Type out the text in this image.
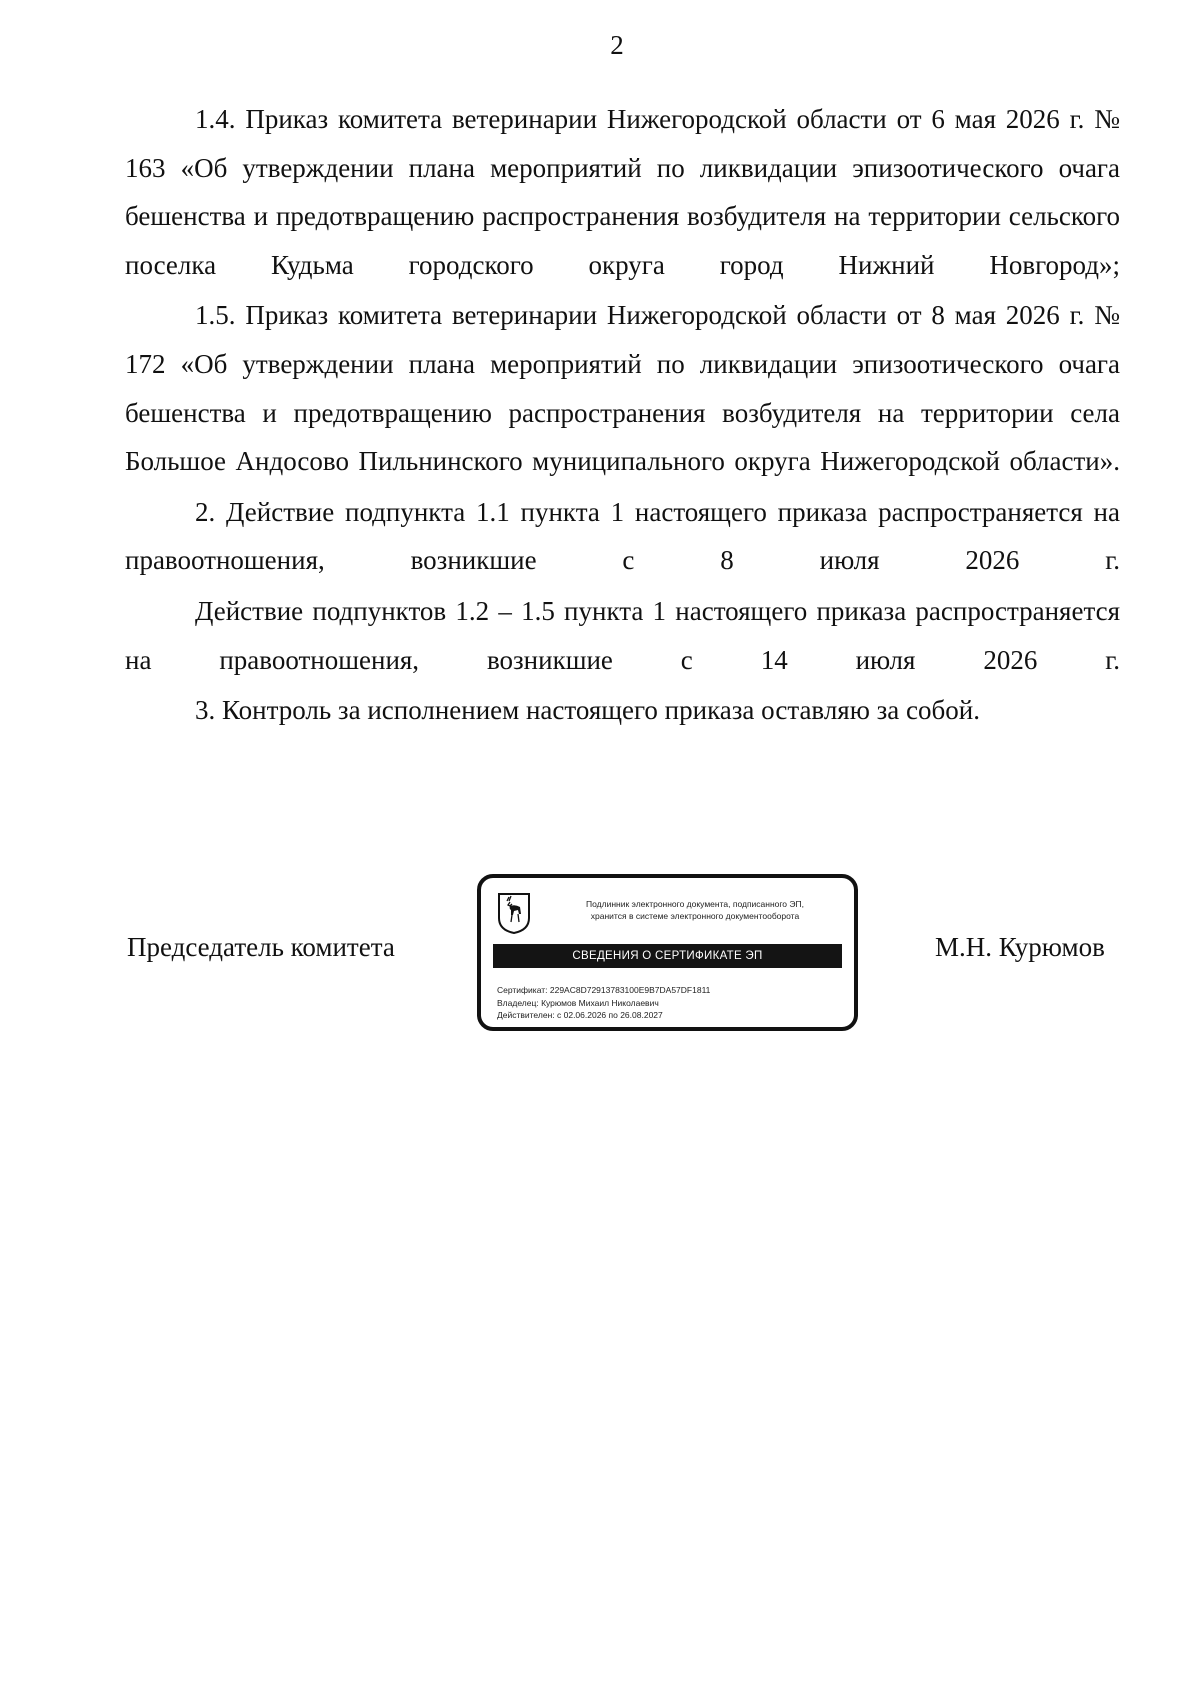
2

1.4. Приказ комитета ветеринарии Нижегородской области от 6 мая 2026 г. № 163 «Об утверждении плана мероприятий по ликвидации эпизоотического очага бешенства и предотвращению распространения возбудителя на территории сельского поселка Кудьма городского округа город Нижний Новгород»;

1.5. Приказ комитета ветеринарии Нижегородской области от 8 мая 2026 г. № 172 «Об утверждении плана мероприятий по ликвидации эпизоотического очага бешенства и предотвращению распространения возбудителя на территории села Большое Андосово Пильнинского муниципального округа Нижегородской области».

2. Действие подпункта 1.1 пункта 1 настоящего приказа распространяется на правоотношения, возникшие с 8 июля 2026 г.

Действие подпунктов 1.2 – 1.5 пункта 1 настоящего приказа распространяется на правоотношения, возникшие с 14 июля 2026 г.

3. Контроль за исполнением настоящего приказа оставляю за собой.

Председатель комитета
Подлинник электронного документа, подписанного ЭП,
хранится в системе электронного документооборота
СВЕДЕНИЯ О СЕРТИФИКАТЕ ЭП
Сертификат: 229AC8D72913783100E9B7DA57DF1811
Владелец: Курюмов Михаил Николаевич
Действителен: с 02.06.2026 по 26.08.2027
М.Н. Курюмов
